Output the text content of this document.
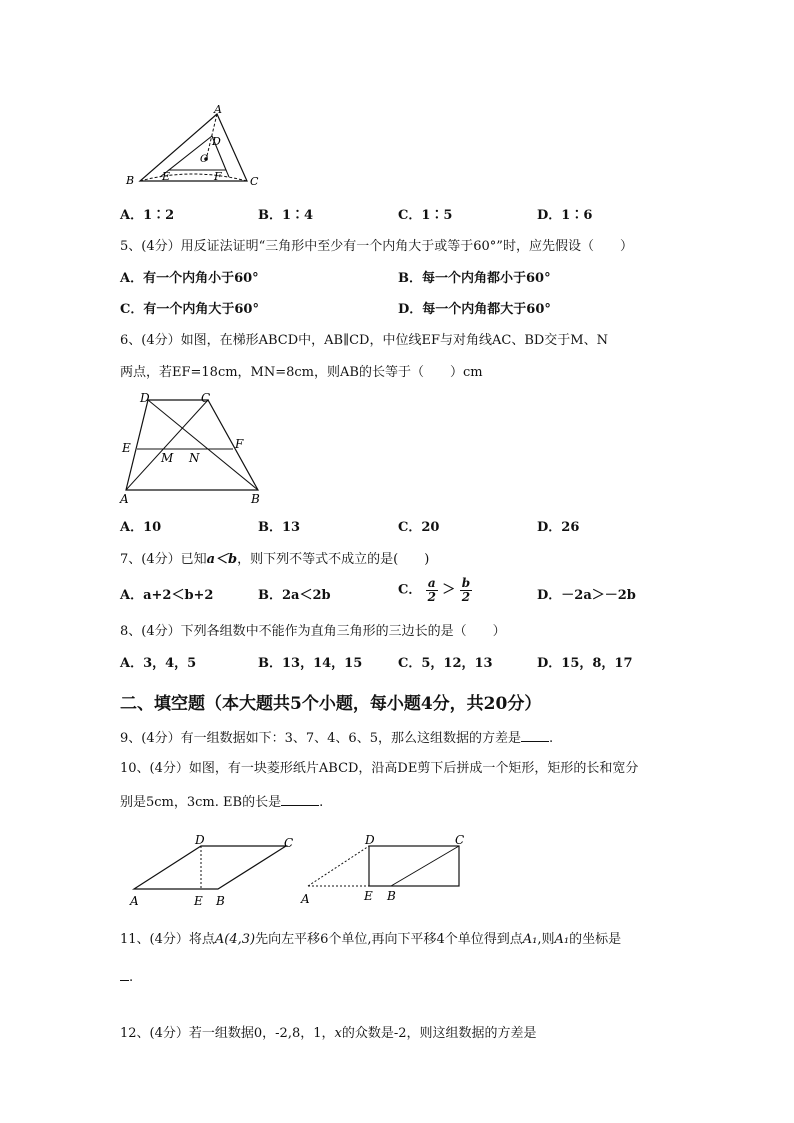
A
B	C
D
E	F
O
A．1∶2	B．1∶4	C．1∶5	D．1∶6
5、(4分）用反证法证明“三角形中至少有一个内角大于或等于60°”时，应先假设（　　）
A．有一个内角小于60°	B．每一个内角都小于60°
C．有一个内角大于60°	D．每一个内角都大于60°
6、(4分）如图，在梯形ABCD中，AB∥CD，中位线EF与对角线AC、BD交于M、N
两点，若EF=18cm，MN=8cm，则AB的长等于（　　）cm
D	C
E	F
M N
A	B
A．10	B．13	C．20	D．26
7、(4分）已知a＜b，则下列不等式不成立的是(　　)
A．a+2＜b+2	B．2a＜2b	C． $\frac{a}{2} > \frac{b}{2}$	D．－2a＞－2b
8、(4分）下列各组数中不能作为直角三角形的三边长的是（　　）
A．3，4，5	B．13，14，15	C．5，12，13	D．15，8，17
二、填空题（本大题共5个小题，每小题4分，共20分）
9、(4分）有一组数据如下：3、7、4、6、5，那么这组数据的方差是 .
10、(4分）如图，有一块菱形纸片ABCD，沿高DE剪下后拼成一个矩形，矩形的长和宽分
别是5cm，3cm. EB的长是	.
D	C
A	E B
D	C
A	E B
11、(4分）将点A(4,3)先向左平移6个单位,再向下平移4个单位得到点A₁,则A₁的坐标是
.
12、(4分）若一组数据0，-2,8，1，x的众数是-2，则这组数据的方差是
